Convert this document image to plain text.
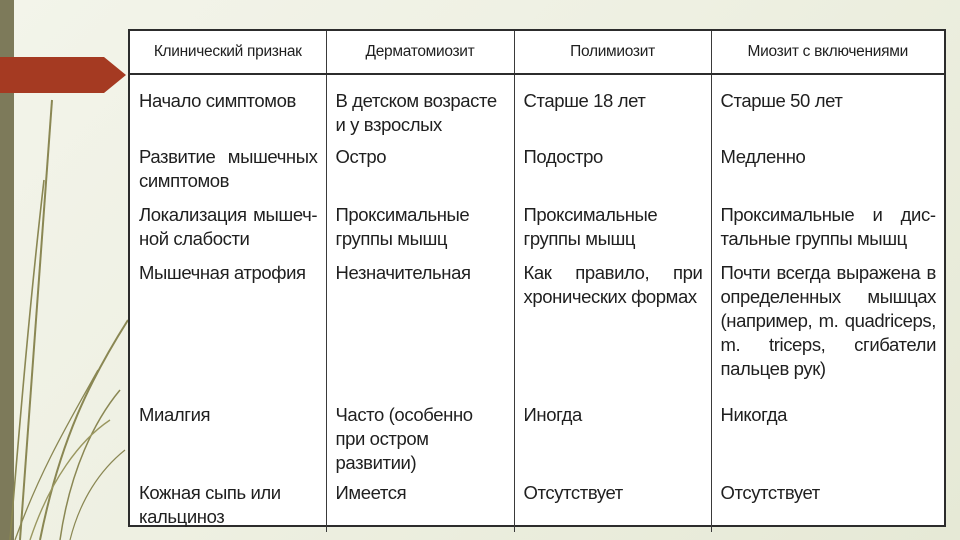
Клинический признак	Дерматомиозит	Полимиозит	Миозит с включениями
Начало симптомов	В детском возрасте и у взрослых	Старше 18 лет	Старше 50 лет
Развитие мышечных симптомов	Остро	Подостро	Медленно
Локализация мышечной слабости	Проксимальные группы мышц	Проксимальные группы мышц	Проксимальные и дистальные группы мышц
Мышечная атрофия	Незначительная	Как правило, при хронических формах	Почти всегда выражена в определенных мышцах (например, m. quadriceps, m. triceps, сгибатели пальцев рук)
Миалгия	Часто (особенно при остром развитии)	Иногда	Никогда
Кожная сыпь или кальциноз	Имеется	Отсутствует	Отсутствует
